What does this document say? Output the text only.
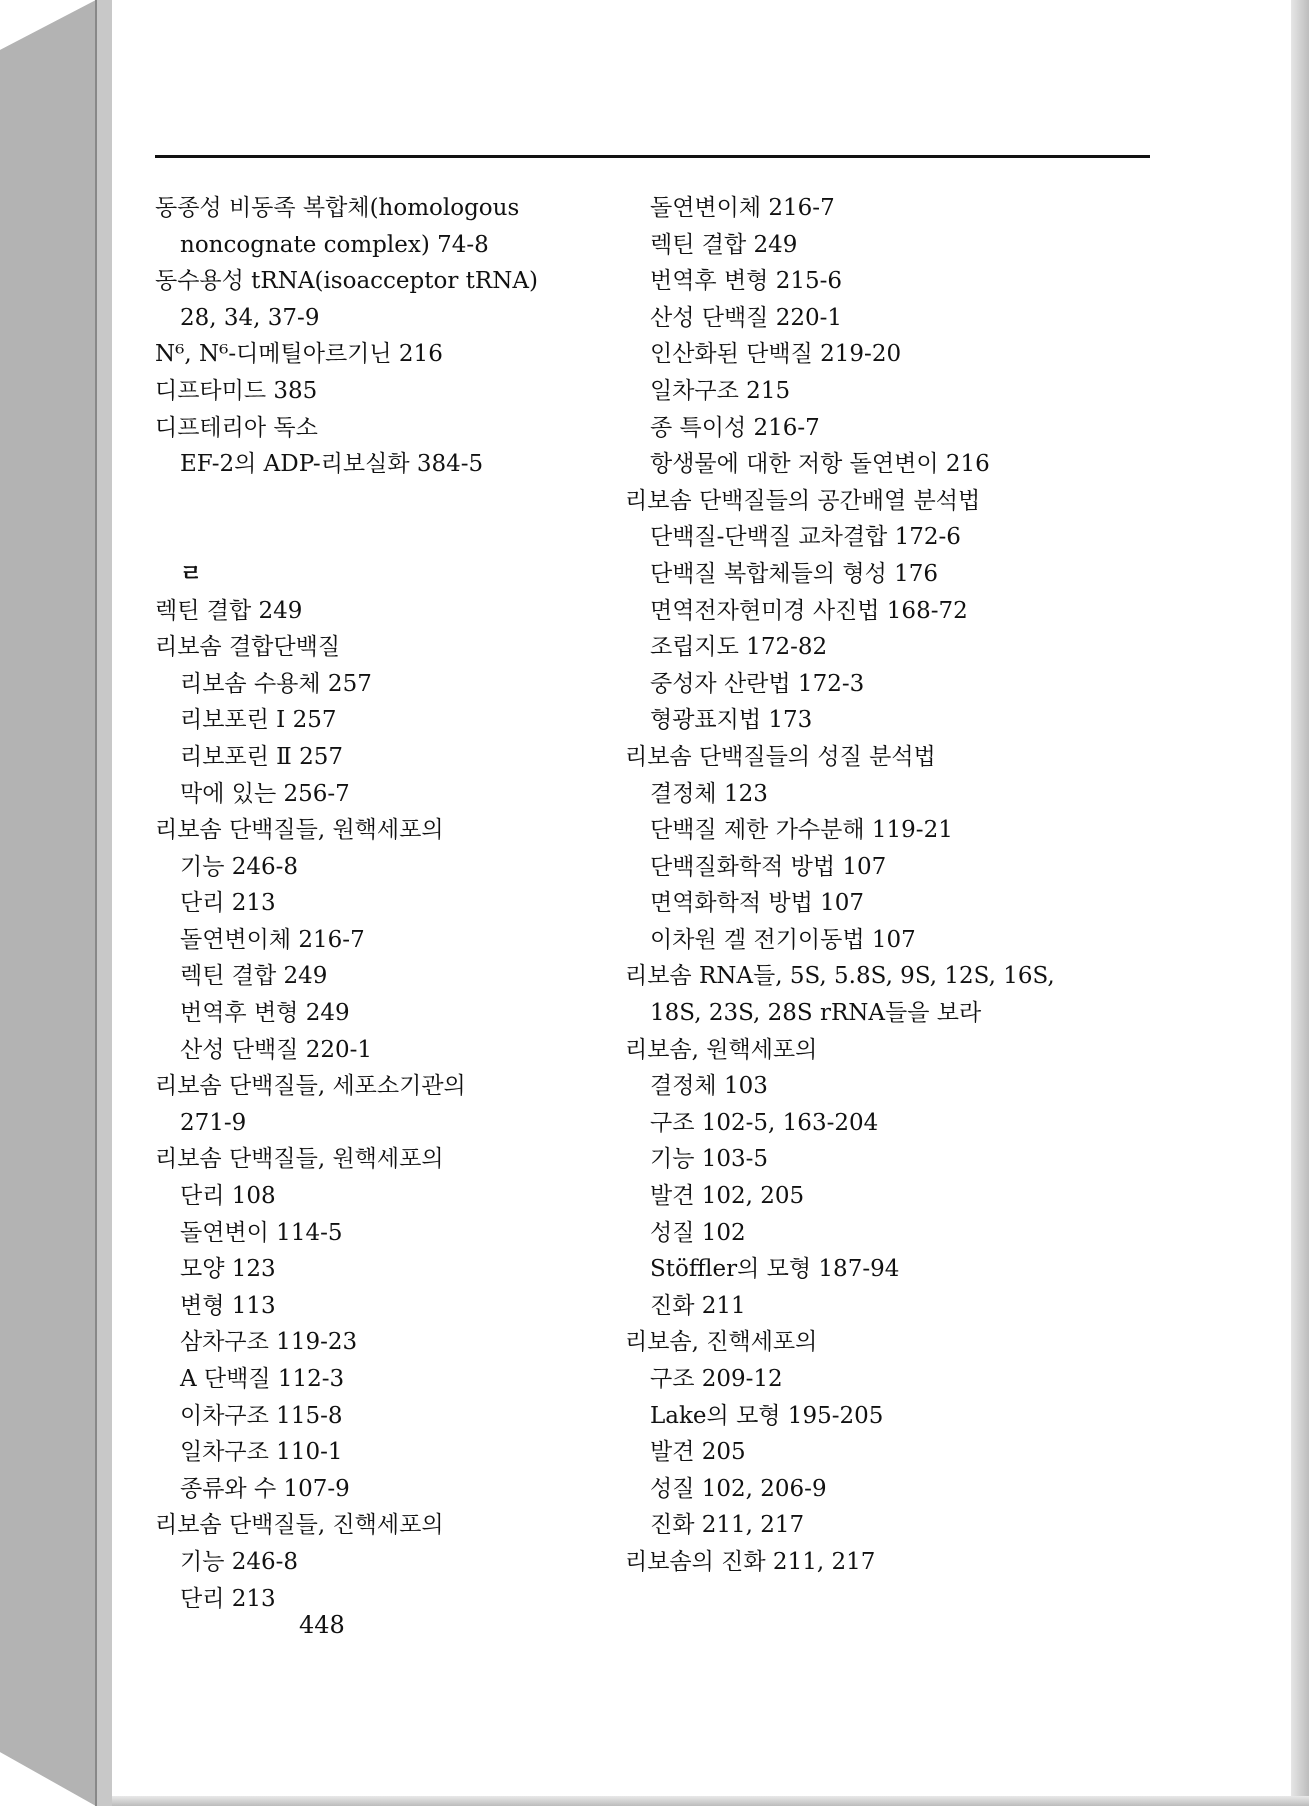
동종성 비동족 복합체(homologous
noncognate complex) 74-8
동수용성 tRNA(isoacceptor tRNA)
28, 34, 37-9
N⁶, N⁶-디메틸아르기닌 216
디프타미드 385
디프테리아 독소
EF-2의 ADP-리보실화 384-5
ㄹ
렉틴 결합 249
리보솜 결합단백질
리보솜 수용체 257
리보포린 Ⅰ 257
리보포린 Ⅱ 257
막에 있는 256-7
리보솜 단백질들, 원핵세포의
기능 246-8
단리 213
돌연변이체 216-7
렉틴 결합 249
번역후 변형 249
산성 단백질 220-1
리보솜 단백질들, 세포소기관의
271-9
리보솜 단백질들, 원핵세포의
단리 108
돌연변이 114-5
모양 123
변형 113
삼차구조 119-23
A 단백질 112-3
이차구조 115-8
일차구조 110-1
종류와 수 107-9
리보솜 단백질들, 진핵세포의
기능 246-8
단리 213
돌연변이체 216-7
렉틴 결합 249
번역후 변형 215-6
산성 단백질 220-1
인산화된 단백질 219-20
일차구조 215
종 특이성 216-7
항생물에 대한 저항 돌연변이 216
리보솜 단백질들의 공간배열 분석법
단백질-단백질 교차결합 172-6
단백질 복합체들의 형성 176
면역전자현미경 사진법 168-72
조립지도 172-82
중성자 산란법 172-3
형광표지법 173
리보솜 단백질들의 성질 분석법
결정체 123
단백질 제한 가수분해 119-21
단백질화학적 방법 107
면역화학적 방법 107
이차원 겔 전기이동법 107
리보솜 RNA들, 5S, 5.8S, 9S, 12S, 16S,
18S, 23S, 28S rRNA들을 보라
리보솜, 원핵세포의
결정체 103
구조 102-5, 163-204
기능 103-5
발견 102, 205
성질 102
Stöffler의 모형 187-94
진화 211
리보솜, 진핵세포의
구조 209-12
Lake의 모형 195-205
발견 205
성질 102, 206-9
진화 211, 217
리보솜의 진화 211, 217
448
